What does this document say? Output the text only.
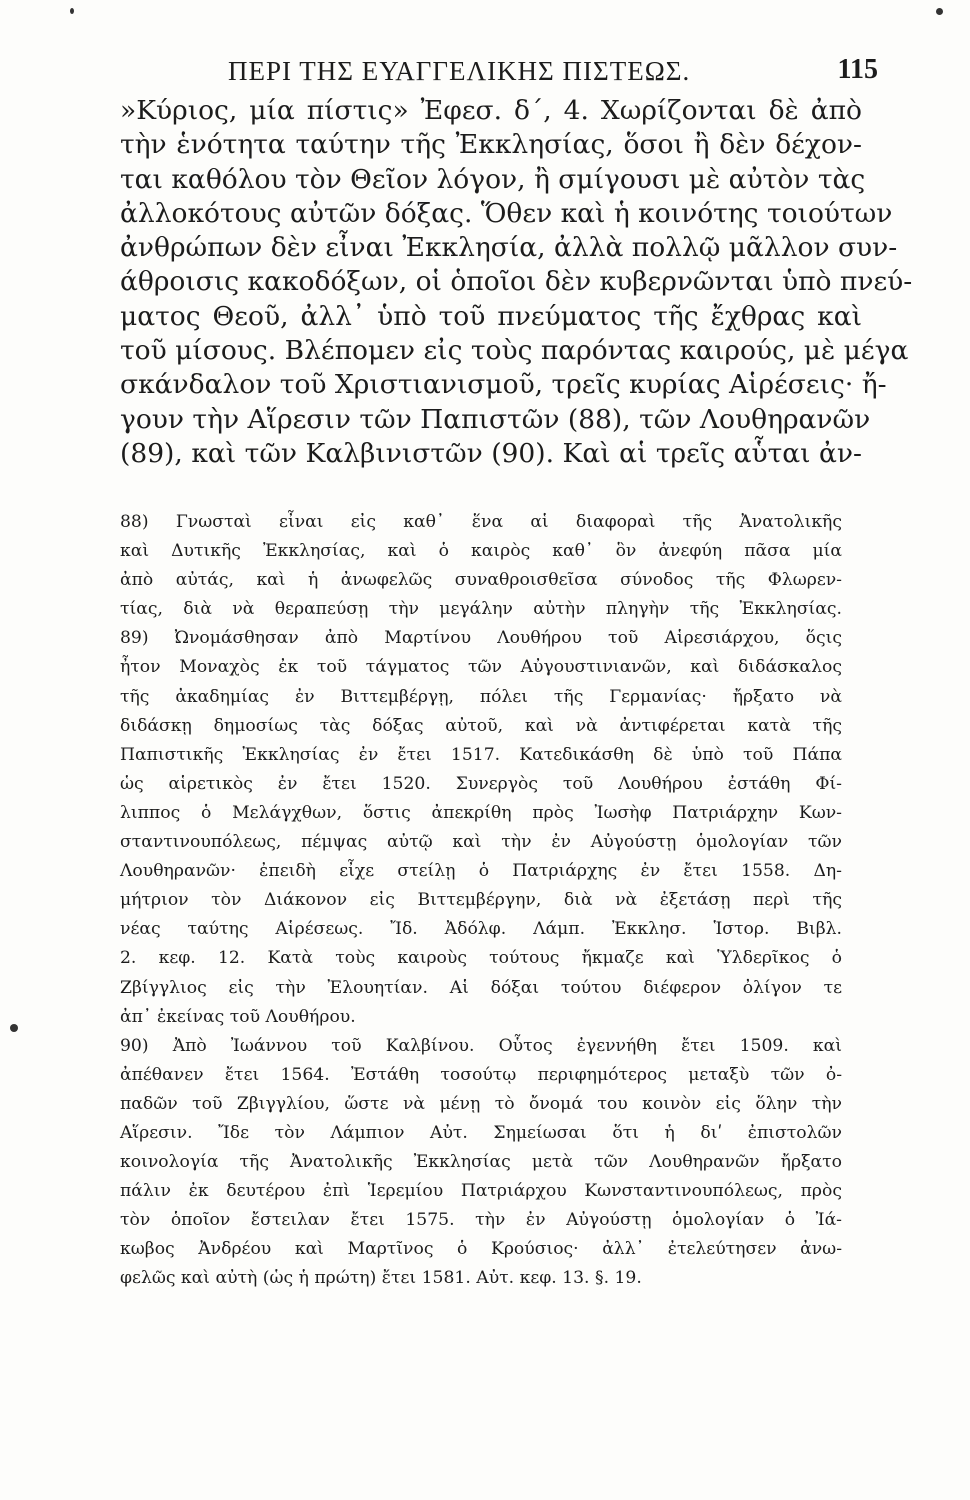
ΠΕΡΙ ΤΗΣ ΕΥΑΓΓΕΛΙΚΗΣ ΠΙΣΤΕΩΣ.	115
»Κύριος, μία πίστις» Ἐφεσ. δ΄, 4. Χωρίζονται δὲ ἀπὸ
τὴν ἑνότητα ταύτην τῆς Ἐκκλησίας, ὅσοι ἢ δὲν δέχον-
ται καθόλου τὸν Θεῖον λόγον, ἢ σμίγουσι μὲ αὐτὸν τὰς
ἀλλοκότους αὐτῶν δόξας. Ὅθεν καὶ ἡ κοινότης τοιούτων
ἀνθρώπων δὲν εἶναι Ἐκκλησία, ἀλλὰ πολλῷ μᾶλλον συν-
άθροισις κακοδόξων, οἱ ὁποῖοι δὲν κυβερνῶνται ὑπὸ πνεύ-
ματος Θεοῦ, ἀλλ᾽ ὑπὸ τοῦ πνεύματος τῆς ἔχθρας καὶ
τοῦ μίσους. Βλέπομεν εἰς τοὺς παρόντας καιρούς, μὲ μέγα
σκάνδαλον τοῦ Χριστιανισμοῦ, τρεῖς κυρίας Αἱρέσεις· ἤ-
γουν τὴν Αἵρεσιν τῶν Παπιστῶν (88), τῶν Λουθηρανῶν
(89), καὶ τῶν Καλβινιστῶν (90). Καὶ αἱ τρεῖς αὗται ἀν-
88) Γνωσταὶ εἶναι εἰς καθ᾽ ἕνα αἱ διαφοραὶ τῆς Ἀνατολικῆς
καὶ Δυτικῆς Ἐκκλησίας, καὶ ὁ καιρὸς καθ᾽ ὃν ἀνεφύη πᾶσα μία
ἀπὸ αὐτάς, καὶ ἡ ἀνωφελῶς συναθροισθεῖσα σύνοδος τῆς Φλωρεν-
τίας, διὰ νὰ θεραπεύσῃ τὴν μεγάλην αὐτὴν πληγὴν τῆς Ἐκκλησίας.
89) Ὠνομάσθησαν ἀπὸ Μαρτίνου Λουθήρου τοῦ Αἱρεσιάρχου, ὅςις
ἦτον Μοναχὸς ἐκ τοῦ τάγματος τῶν Αὐγουστινιανῶν, καὶ διδάσκαλος
τῆς ἀκαδημίας ἐν Βιττεμβέργῃ, πόλει τῆς Γερμανίας· ἤρξατο νὰ
διδάσκῃ δημοσίως τὰς δόξας αὐτοῦ, καὶ νὰ ἀντιφέρεται κατὰ τῆς
Παπιστικῆς Ἐκκλησίας ἐν ἔτει 1517. Κατεδικάσθη δὲ ὑπὸ τοῦ Πάπα
ὡς αἱρετικὸς ἐν ἔτει 1520. Συνεργὸς τοῦ Λουθήρου ἐστάθη Φί-
λιππος ὁ Μελάγχθων, ὅστις ἀπεκρίθη πρὸς Ἰωσὴφ Πατριάρχην Κων-
σταντινουπόλεως, πέμψας αὐτῷ καὶ τὴν ἐν Αὐγούστῃ ὁμολογίαν τῶν
Λουθηρανῶν· ἐπειδὴ εἶχε στείλῃ ὁ Πατριάρχης ἐν ἔτει 1558. Δη-
μήτριον τὸν Διάκονον εἰς Βιττεμβέργην, διὰ νὰ ἐξετάσῃ περὶ τῆς
νέας ταύτης Αἱρέσεως. Ἴδ. Ἀδόλφ. Λάμπ. Ἐκκλησ. Ἱστορ. Βιβλ.
2. κεφ. 12. Κατὰ τοὺς καιροὺς τούτους ἤκμαζε καὶ Ὑλδερῖκος ὁ
Ζβίγγλιος εἰς τὴν Ἐλουητίαν. Αἱ δόξαι τούτου διέφερον ὀλίγον τε
ἀπ᾽ ἐκείνας τοῦ Λουθήρου.
90) Ἀπὸ Ἰωάννου τοῦ Καλβίνου. Οὗτος ἐγεννήθη ἔτει 1509. καὶ
ἀπέθανεν ἔτει 1564. Ἐστάθη τοσούτῳ περιφημότερος μεταξὺ τῶν ὀ-
παδῶν τοῦ Ζβιγγλίου, ὥστε νὰ μένῃ τὸ ὄνομά του κοινὸν εἰς ὅλην τὴν
Αἵρεσιν. Ἴδε τὸν Λάμπιον Αὐτ. Σημείωσαι ὅτι ἡ διʹ ἐπιστολῶν
κοινολογία τῆς Ἀνατολικῆς Ἐκκλησίας μετὰ τῶν Λουθηρανῶν ἤρξατο
πάλιν ἐκ δευτέρου ἐπὶ Ἱερεμίου Πατριάρχου Κωνσταντινουπόλεως, πρὸς
τὸν ὁποῖον ἔστειλαν ἔτει 1575. τὴν ἐν Αὐγούστῃ ὁμολογίαν ὁ Ἰά-
κωβος Ἀνδρέου καὶ Μαρτῖνος ὁ Κρούσιος· ἀλλ᾽ ἐτελεύτησεν ἀνω-
φελῶς καὶ αὐτὴ (ὡς ἡ πρώτη) ἔτει 1581. Αὐτ. κεφ. 13. §. 19.
